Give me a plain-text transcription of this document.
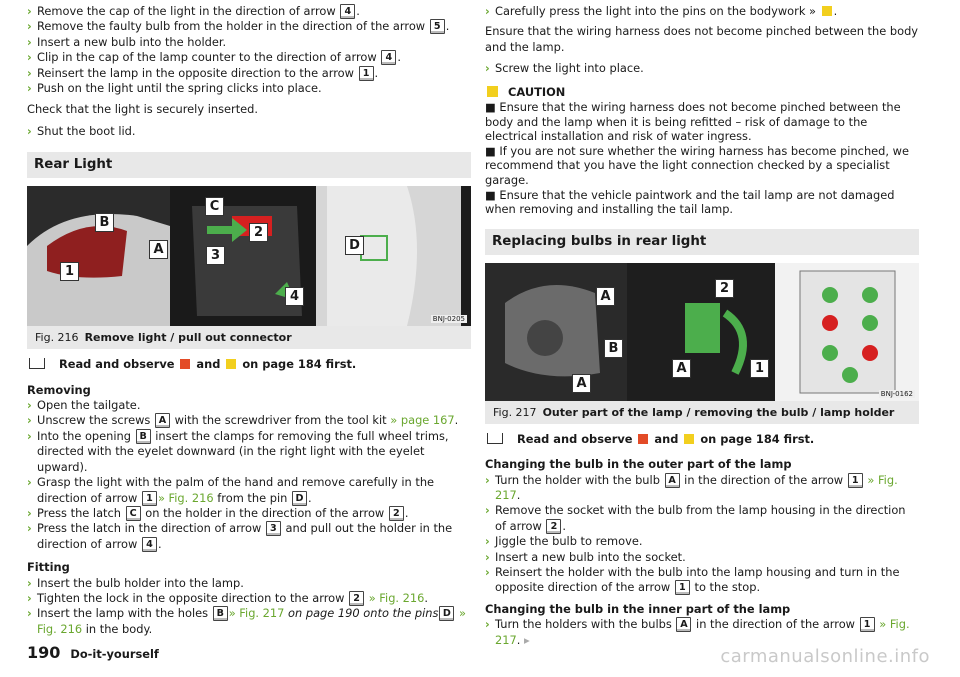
› Remove the cap of the light in the direction of arrow 4 .
› Remove the faulty bulb from the holder in the direction of the arrow 5 .
› Insert a new bulb into the holder.
› Clip in the cap of the lamp counter to the direction of arrow 4 .
› Reinsert the lamp in the opposite direction to the arrow 1 .
› Push on the light until the spring clicks into place.

Check that the light is securely inserted.

› Shut the boot lid.
Rear Light
B
A
1
C
2
3
4
D
BNJ-0205
Fig. 216 Remove light / pull out connector
Read and observe and on page 184 first.

Removing

› Open the tailgate.
› Unscrew the screws A with the screwdriver from the tool kit » page 167.
› Into the opening B insert the clamps for removing the full wheel trims, directed with the eyelet downward (in the right light with the eyelet upward).
› Grasp the light with the palm of the hand and remove carefully in the direction of arrow 1 » Fig. 216 from the pin D .
› Press the latch C on the holder in the direction of the arrow 2 .
› Press the latch in the direction of arrow 3 and pull out the holder in the direction of arrow 4 .

Fitting

› Insert the bulb holder into the lamp.
› Tighten the lock in the opposite direction to the arrow 2 » Fig. 216.
› Insert the lamp with the holes B » Fig. 217 on page 190 onto the pins D » Fig. 216 in the body.
› Carefully press the light into the pins on the bodywork » .

Ensure that the wiring harness does not become pinched between the body and the lamp.

› Screw the light into place.
CAUTION
■ Ensure that the wiring harness does not become pinched between the body and the lamp when it is being refitted – risk of damage to the electrical installation and risk of water ingress.
■ If you are not sure whether the wiring harness has become pinched, we recommend that you have the light connection checked by a specialist garage.
■ Ensure that the vehicle paintwork and the tail lamp are not damaged when removing and installing the tail lamp.
Replacing bulbs in rear light
A
B
A
2
A	1
BNJ-0162
Fig. 217 Outer part of the lamp / removing the bulb / lamp holder
Read and observe and on page 184 first.

Changing the bulb in the outer part of the lamp

› Turn the holder with the bulb A in the direction of the arrow 1 » Fig. 217.
› Remove the socket with the bulb from the lamp housing in the direction of arrow 2 .
› Jiggle the bulb to remove.
› Insert a new bulb into the socket.
› Reinsert the holder with the bulb into the lamp housing and turn in the opposite direction of the arrow 1 to the stop.

Changing the bulb in the inner part of the lamp

› Turn the holders with the bulbs A in the direction of the arrow 1 » Fig. 217. ▸
190 Do-it-yourself	carmanualsonline.info
